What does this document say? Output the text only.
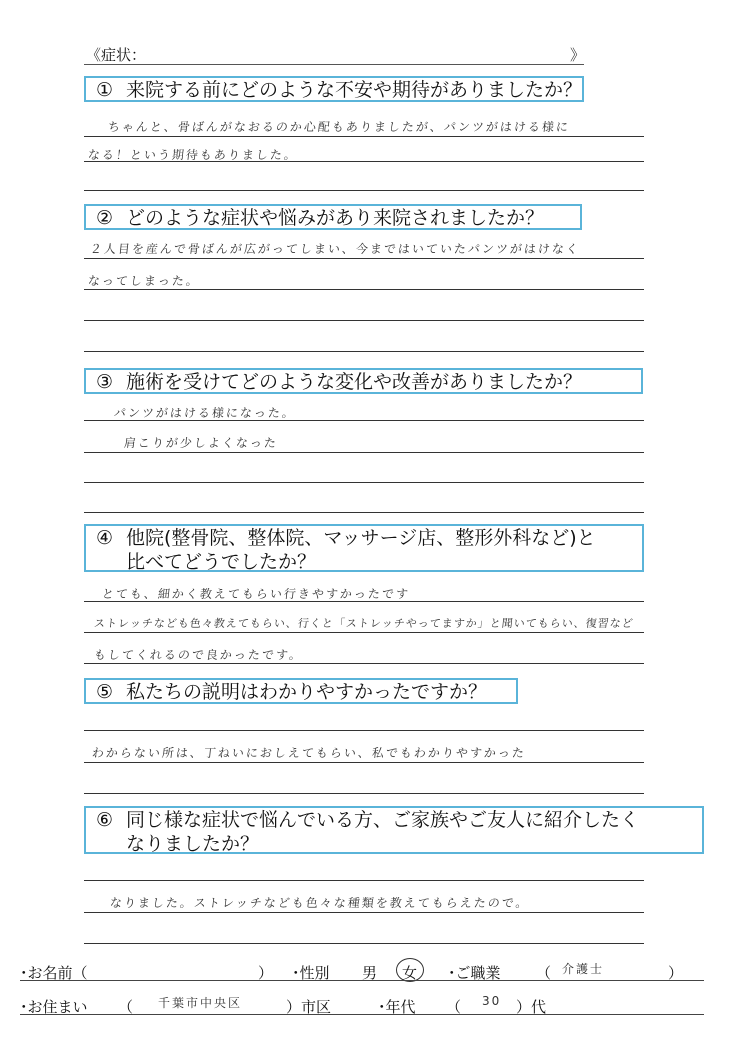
《症状：	》
① 来院する前にどのような不安や期待がありましたか？
ちゃんと、骨ばんがなおるのか心配もありましたが、パンツがはける様に
なる！という期待もありました。
② どのような症状や悩みがあり来院されましたか？
２人目を産んで骨ばんが広がってしまい、今まではいていたパンツがはけなく
なってしまった。
③ 施術を受けてどのような変化や改善がありましたか？
パンツがはける様になった。
肩こりが少しよくなった
④ 他院(整骨院、整体院、マッサージ店、整形外科など)と
比べてどうでしたか？
とても、細かく教えてもらい行きやすかったです
ストレッチなども色々教えてもらい、行くと「ストレッチやってますか」と聞いてもらい、復習など
もしてくれるので良かったです。
⑤ 私たちの説明はわかりやすかったですか？
わからない所は、丁ねいにおしえてもらい、私でもわかりやすかった
⑥ 同じ様な症状で悩んでいる方、ご家族やご友人に紹介したく
なりましたか？
なりました。ストレッチなども色々な種類を教えてもらえたので。
･お名前（	） ･性別 男 女 ･ご職業 （ 介護士	）
･お住まい （ 千葉市中央区	）市区	･年代 （ 30 ）代
